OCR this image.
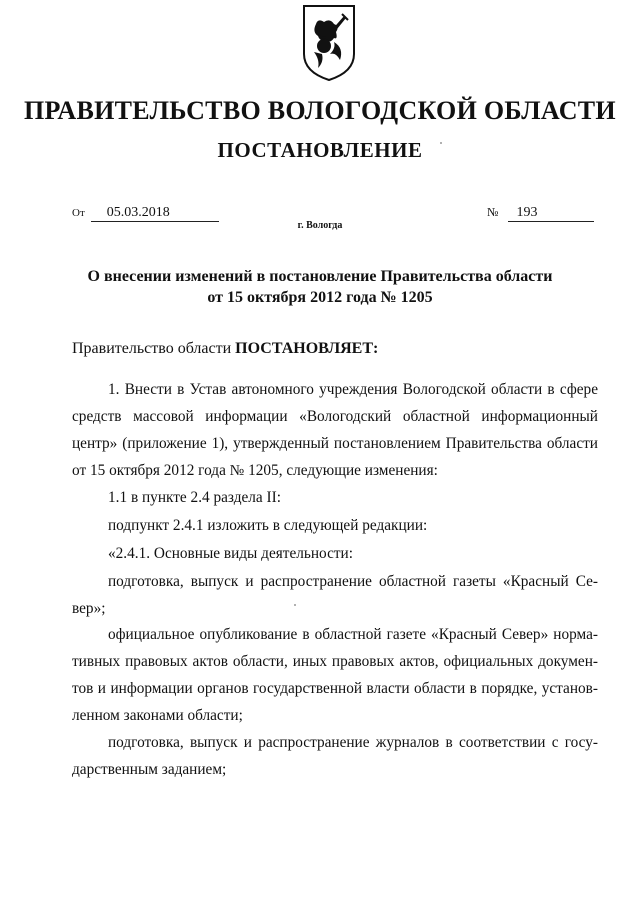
ПРАВИТЕЛЬСТВО ВОЛОГОДСКОЙ ОБЛАСТИ
ПОСТАНОВЛЕНИЕ
От 05.03.2018	№ 193
г. Вологда
О внесении изменений в постановление Правительства области
от 15 октября 2012 года № 1205
Правительство области ПОСТАНОВЛЯЕТ:
1. Внести в Устав автономного учреждения Вологодской области в сфере
средств массовой информации «Вологодский областной информационный
центр» (приложение 1), утвержденный постановлением Правительства области
от 15 октября 2012 года № 1205, следующие изменения:
1.1 в пункте 2.4 раздела II:
подпункт 2.4.1 изложить в следующей редакции:
«2.4.1. Основные виды деятельности:
подготовка, выпуск и распространение областной газеты «Красный Се-
вер»;
официальное опубликование в областной газете «Красный Север» норма-
тивных правовых актов области, иных правовых актов, официальных докумен-
тов и информации органов государственной власти области в порядке, установ-
ленном законами области;
подготовка, выпуск и распространение журналов в соответствии с госу-
дарственным заданием;
